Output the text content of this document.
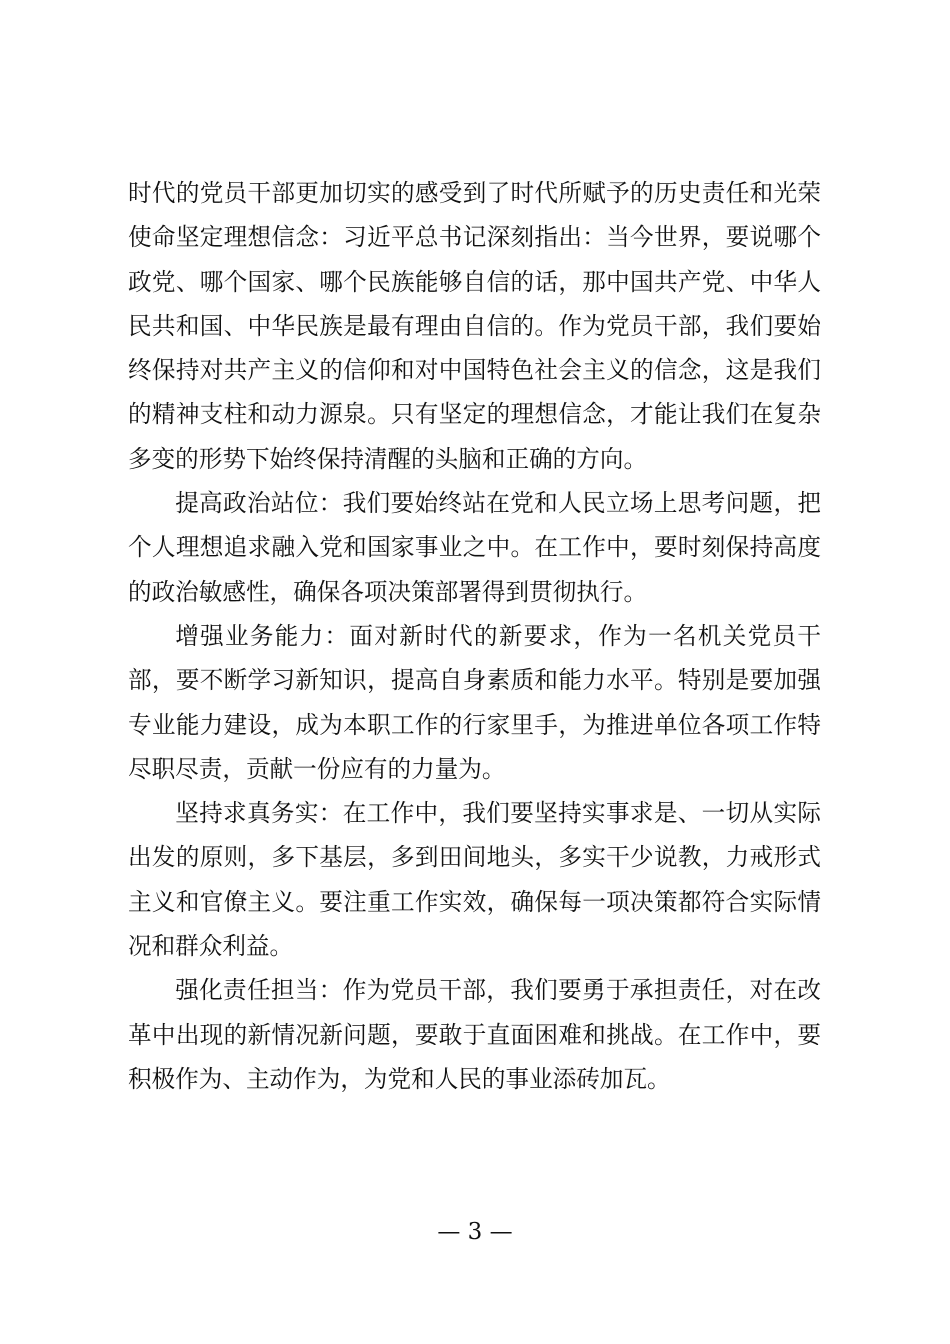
时代的党员干部更加切实的感受到了时代所赋予的历史责任和光荣使命坚定理想信念：习近平总书记深刻指出：当今世界，要说哪个政党、哪个国家、哪个民族能够自信的话，那中国共产党、中华人民共和国、中华民族是最有理由自信的。作为党员干部，我们要始终保持对共产主义的信仰和对中国特色社会主义的信念，这是我们的精神支柱和动力源泉。只有坚定的理想信念，才能让我们在复杂多变的形势下始终保持清醒的头脑和正确的方向。

提高政治站位：我们要始终站在党和人民立场上思考问题，把个人理想追求融入党和国家事业之中。在工作中，要时刻保持高度的政治敏感性，确保各项决策部署得到贯彻执行。

增强业务能力：面对新时代的新要求，作为一名机关党员干部，要不断学习新知识，提高自身素质和能力水平。特别是要加强专业能力建设，成为本职工作的行家里手，为推进单位各项工作特尽职尽责，贡献一份应有的力量为。

坚持求真务实：在工作中，我们要坚持实事求是、一切从实际出发的原则，多下基层，多到田间地头，多实干少说教，力戒形式主义和官僚主义。要注重工作实效，确保每一项决策都符合实际情况和群众利益。

强化责任担当：作为党员干部，我们要勇于承担责任，对在改革中出现的新情况新问题，要敢于直面困难和挑战。在工作中，要积极作为、主动作为，为党和人民的事业添砖加瓦。

— 3 —
